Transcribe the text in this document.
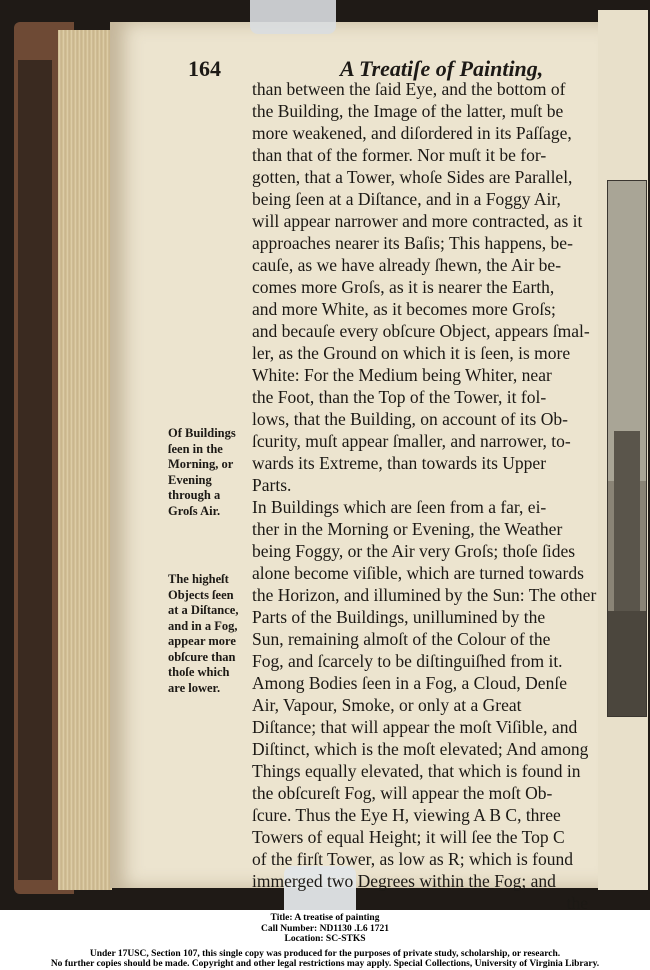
164	A Treatiſe of Painting,
than between the ſaid Eye, and the bottom of
the Building, the Image of the latter, muſt be
more weakened, and diſordered in its Paſſage,
than that of the former. Nor muſt it be for-
gotten, that a Tower, whoſe Sides are Parallel,
being ſeen at a Diſtance, and in a Foggy Air,
will appear narrower and more contracted, as it
approaches nearer its Baſis; This happens, be-
cauſe, as we have already ſhewn, the Air be-
comes more Groſs, as it is nearer the Earth,
and more White, as it becomes more Groſs;
and becauſe every obſcure Object, appears ſmal-
ler, as the Ground on which it is ſeen, is more
White: For the Medium being Whiter, near
the Foot, than the Top of the Tower, it fol-
lows, that the Building, on account of its Ob-
ſcurity, muſt appear ſmaller, and narrower, to-
wards its Extreme, than towards its Upper
Parts.
In Buildings which are ſeen from a far, ei-
ther in the Morning or Evening, the Weather
being Foggy, or the Air very Groſs; thoſe ſides
alone become viſible, which are turned towards
the Horizon, and illumined by the Sun: The other
Parts of the Buildings, unillumined by the
Sun, remaining almoſt of the Colour of the
Fog, and ſcarcely to be diſtinguiſhed from it.
Among Bodies ſeen in a Fog, a Cloud, Denſe
Air, Vapour, Smoke, or only at a Great
Diſtance; that will appear the moſt Viſible, and
Diſtinct, which is the moſt elevated; And among
Things equally elevated, that which is found in
the obſcureſt Fog, will appear the moſt Ob-
ſcure. Thus the Eye H, viewing A B C, three
Towers of equal Height; it will ſee the Top C
of the firſt Tower, as low as R; which is found
immerged two Degrees within the Fog; and
the
Of Buildings
ſeen in the
Morning, or
Evening
through a
Groſs Air.
The higheſt
Objects ſeen
at a Diſtance,
and in a Fog,
appear more
obſcure than
thoſe which
are lower.
Title: A treatise of painting
Call Number: ND1130 .L6 1721
Location: SC-STKS
Under 17USC, Section 107, this single copy was produced for the purposes of private study, scholarship, or research.
No further copies should be made. Copyright and other legal restrictions may apply. Special Collections, University of Virginia Library.
